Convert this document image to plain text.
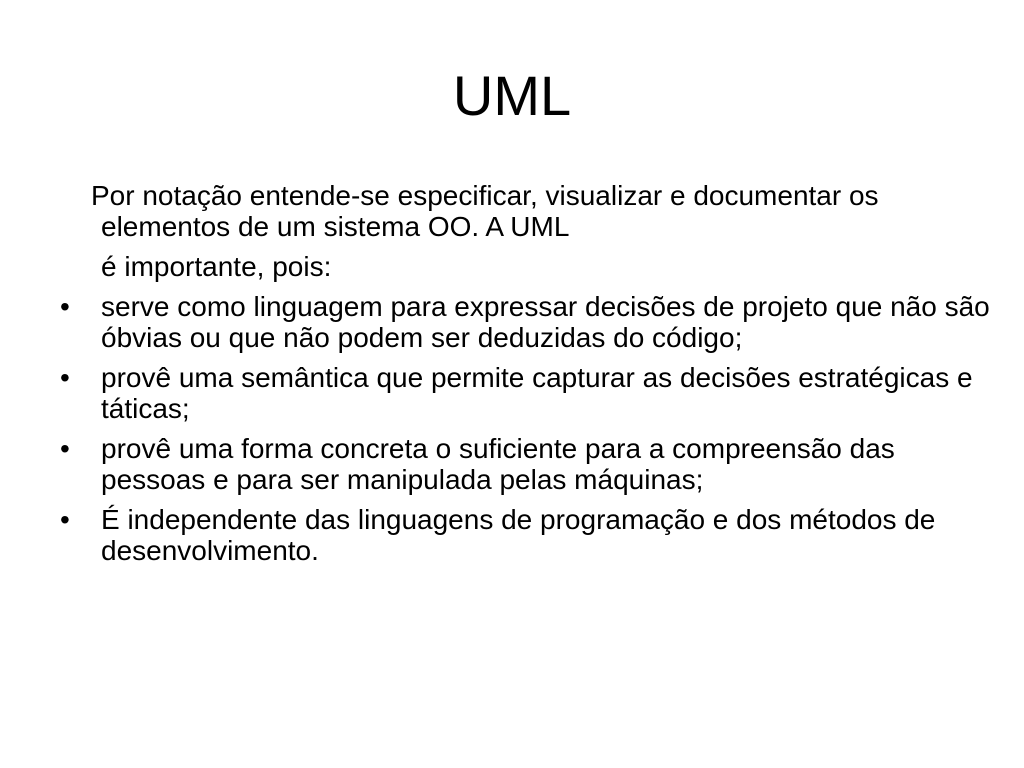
UML

Por notação entende-se especificar, visualizar e documentar os elementos de um sistema OO. A UML

é importante, pois:

•	serve como linguagem para expressar decisões de projeto que não são óbvias ou que não podem ser deduzidas do código;
•	provê uma semântica que permite capturar as decisões estratégicas e táticas;
•	provê uma forma concreta o suficiente para a compreensão das pessoas e para ser manipulada pelas máquinas;
•	É independente das linguagens de programação e dos métodos de desenvolvimento.
